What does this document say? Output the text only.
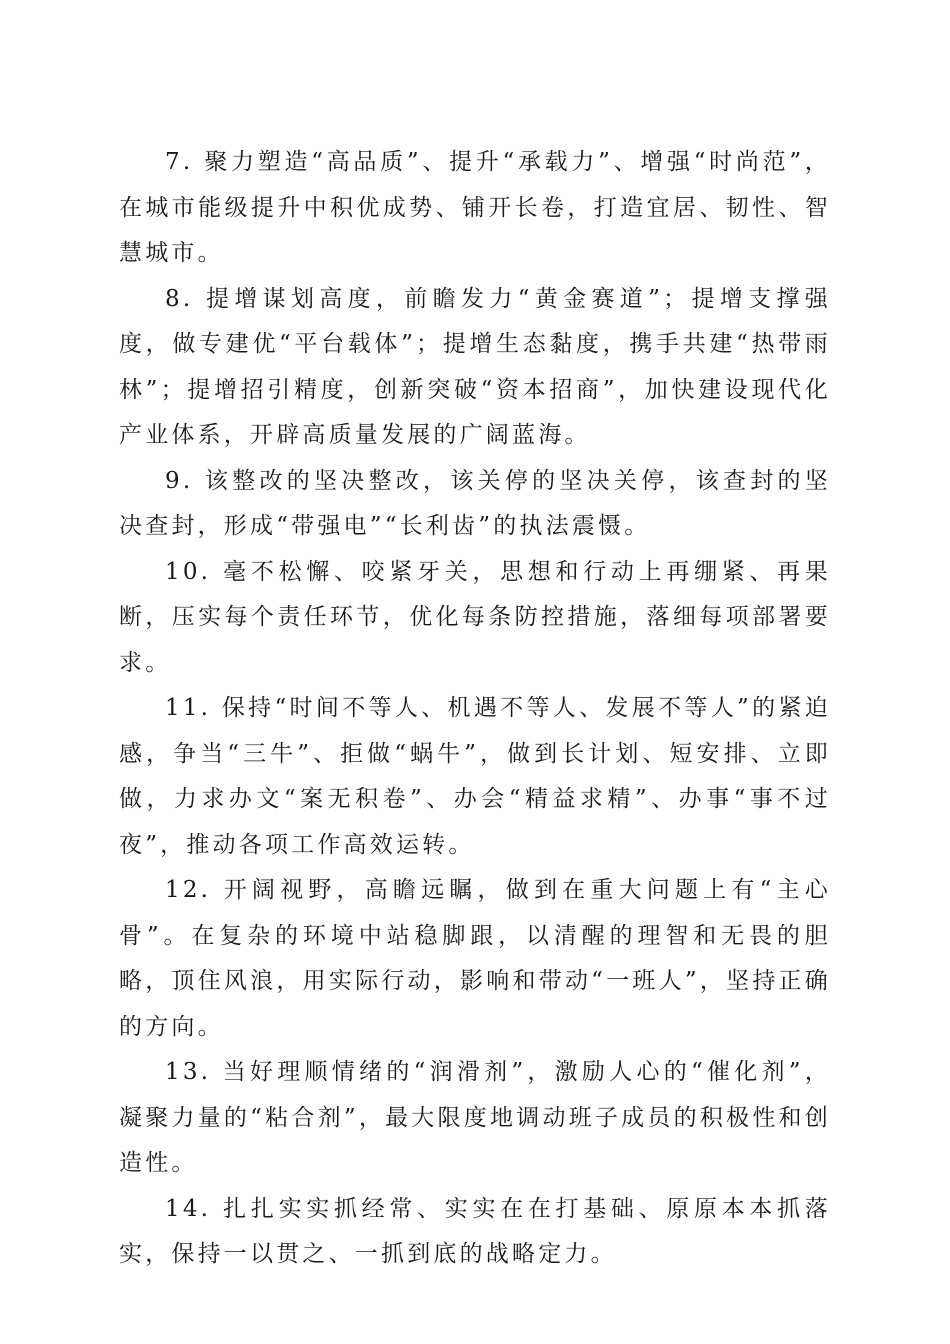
7. 聚力塑造“高品质”、提升“承载力”、增强“时尚范”，在城市能级提升中积优成势、铺开长卷，打造宜居、韧性、智慧城市。

8. 提增谋划高度，前瞻发力“黄金赛道”；提增支撑强度，做专建优“平台载体”；提增生态黏度，携手共建“热带雨林”；提增招引精度，创新突破“资本招商”，加快建设现代化产业体系，开辟高质量发展的广阔蓝海。

9. 该整改的坚决整改，该关停的坚决关停，该查封的坚决查封，形成“带强电”“长利齿”的执法震慑。

10. 毫不松懈、咬紧牙关，思想和行动上再绷紧、再果断，压实每个责任环节，优化每条防控措施，落细每项部署要求。

11. 保持“时间不等人、机遇不等人、发展不等人”的紧迫感，争当“三牛”、拒做“蜗牛”，做到长计划、短安排、立即做，力求办文“案无积卷”、办会“精益求精”、办事“事不过夜”，推动各项工作高效运转。

12. 开阔视野，高瞻远瞩，做到在重大问题上有“主心骨”。在复杂的环境中站稳脚跟，以清醒的理智和无畏的胆略，顶住风浪，用实际行动，影响和带动“一班人”，坚持正确的方向。

13. 当好理顺情绪的“润滑剂”，激励人心的“催化剂”，凝聚力量的“粘合剂”，最大限度地调动班子成员的积极性和创造性。

14. 扎扎实实抓经常、实实在在打基础、原原本本抓落实，保持一以贯之、一抓到底的战略定力。
